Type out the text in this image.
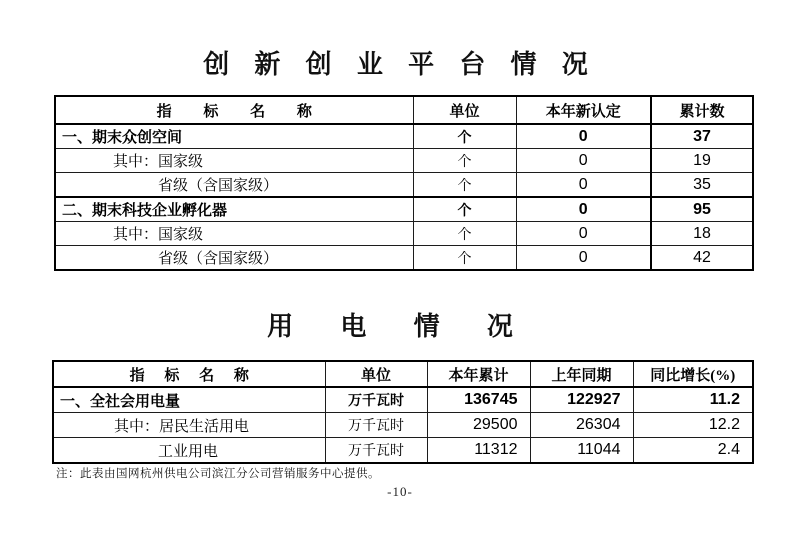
创 新 创 业 平 台 情 况
指 标 名 称	单位	本年新认定	累计数
一、期末众创空间	个	0	37
其中：国家级	个	0	19
省级（含国家级）	个	0	35
二、期末科技企业孵化器	个	0	95
其中：国家级	个	0	18
省级（含国家级）	个	0	42
用 电 情 况
指 标 名 称	单位	本年累计	上年同期	同比增长(%)
一、全社会用电量	万千瓦时	136745	122927	11.2
其中：居民生活用电	万千瓦时	29500	26304	12.2
工业用电	万千瓦时	11312	11044	2.4
注：此表由国网杭州供电公司滨江分公司营销服务中心提供。
-10-
